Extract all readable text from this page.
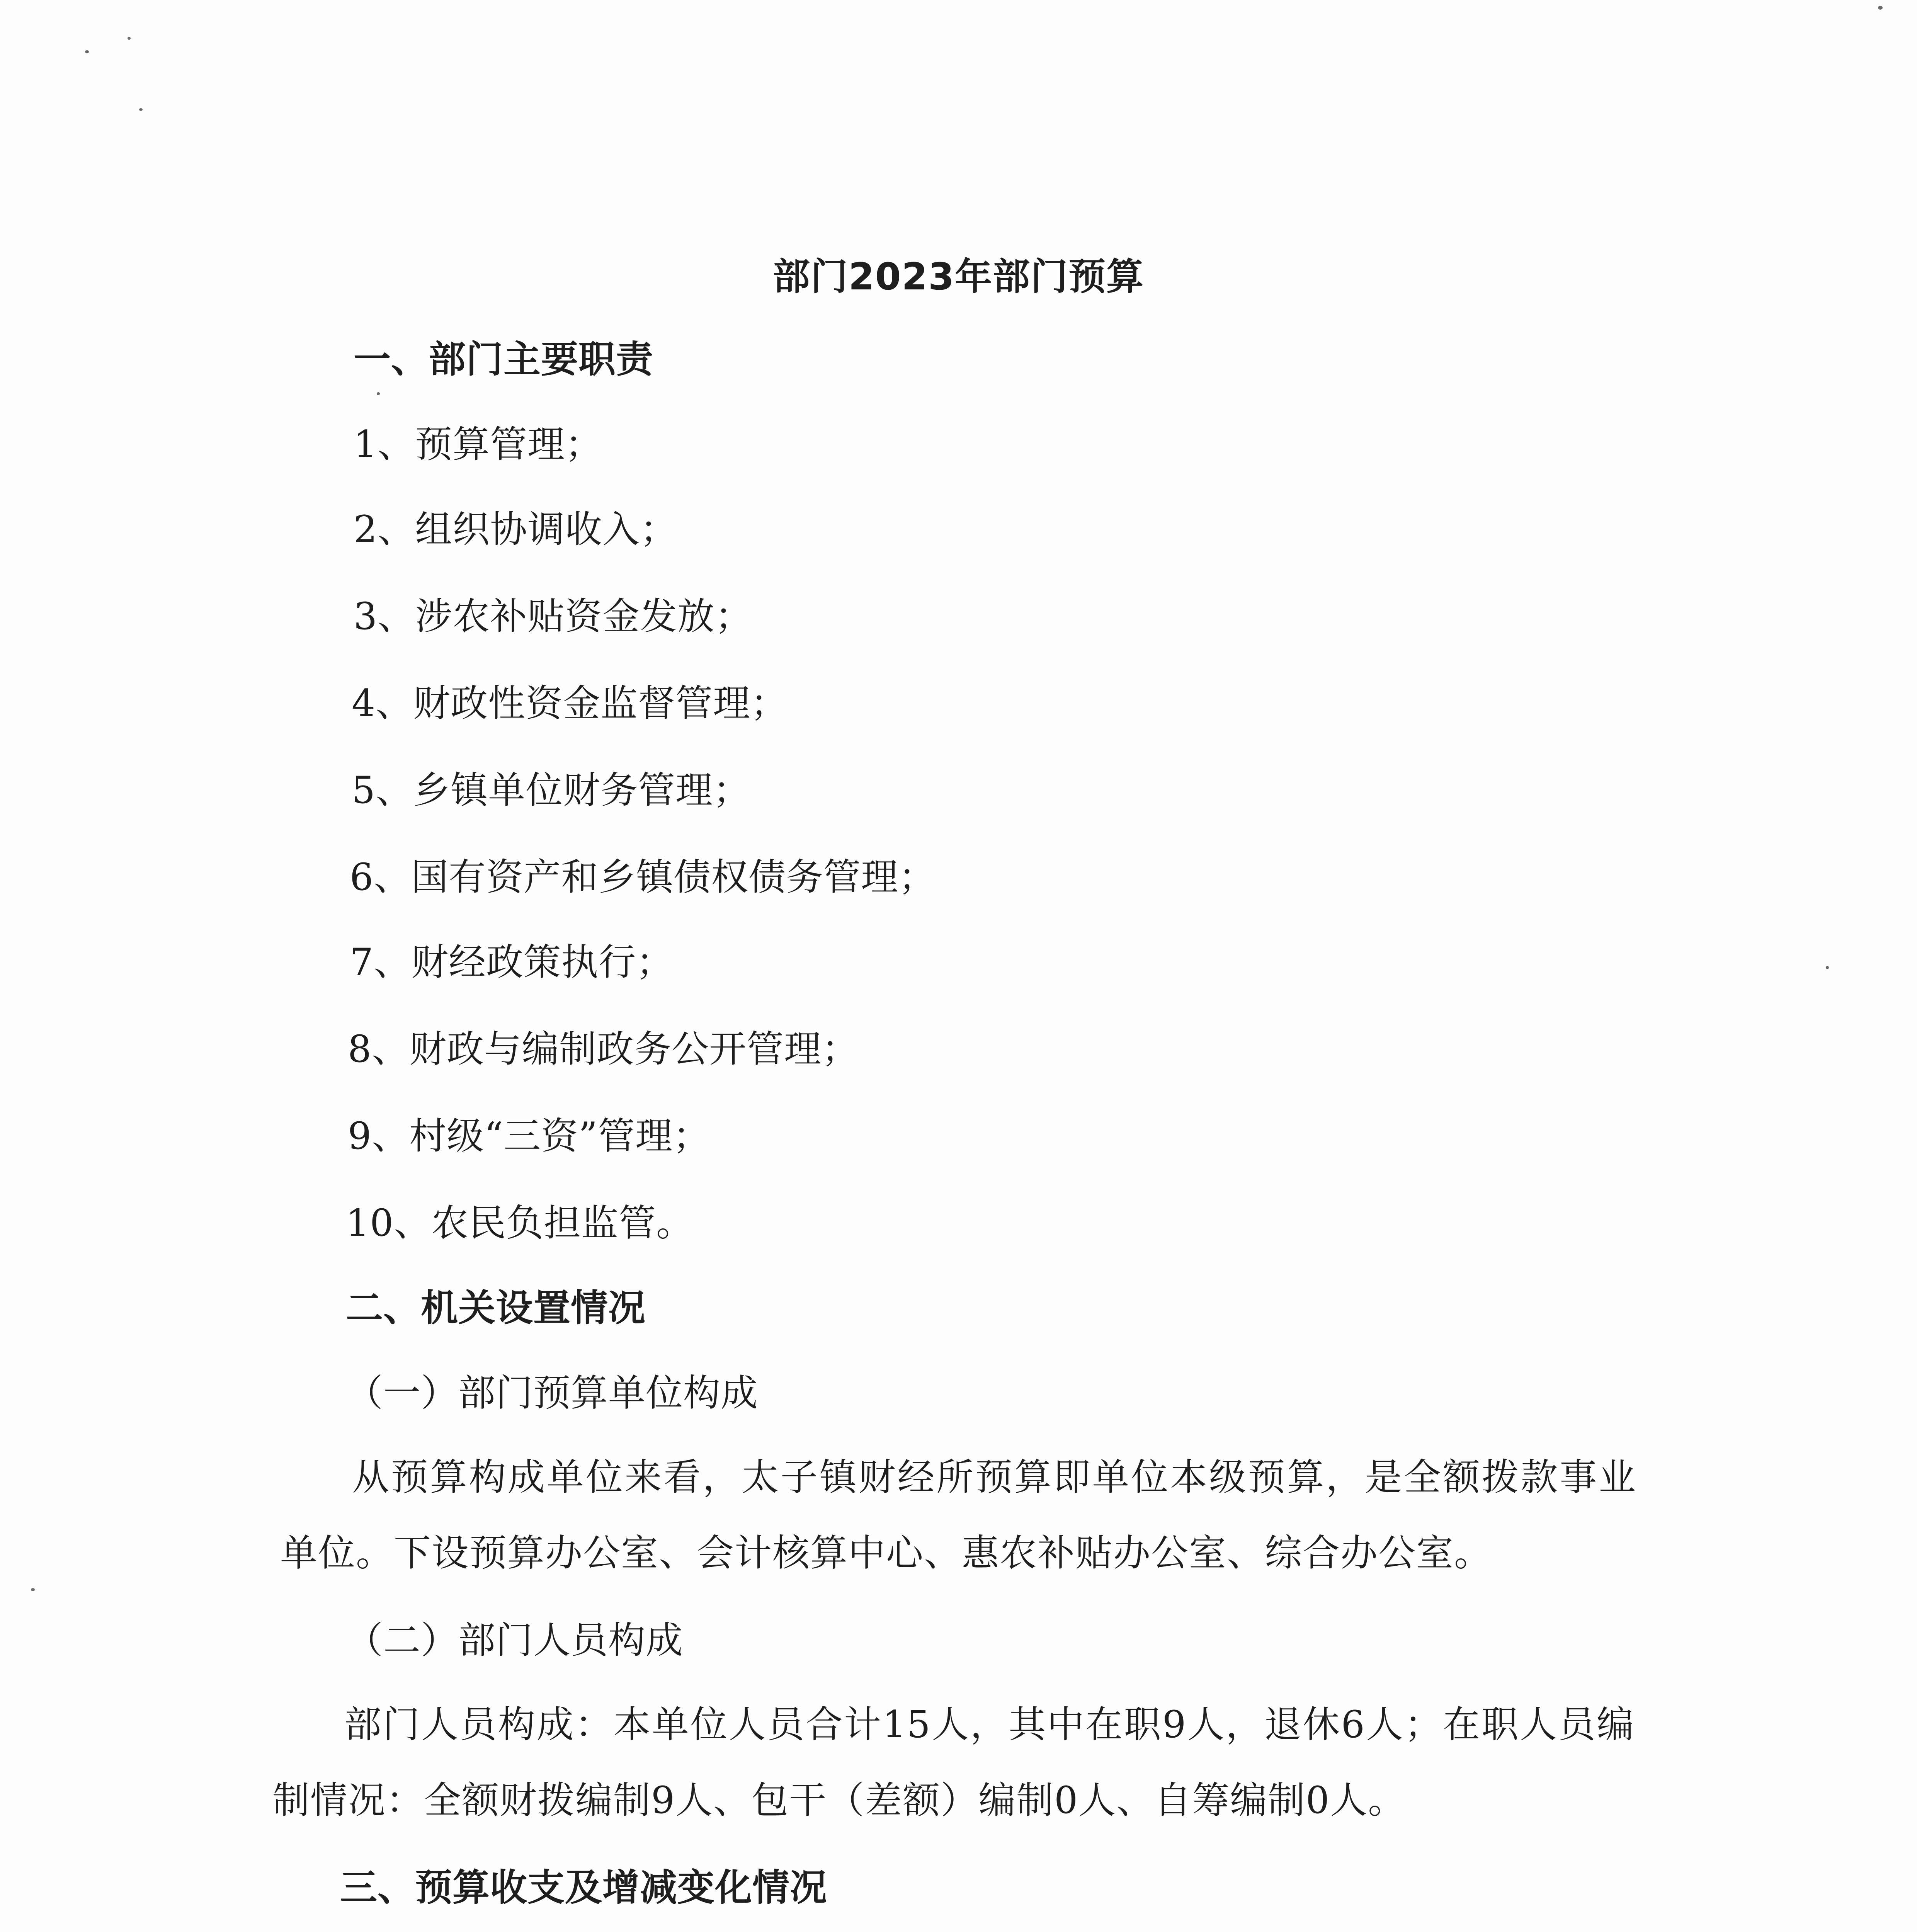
部门2023年部门预算
一、部门主要职责
1、预算管理；
2、组织协调收入；
3、涉农补贴资金发放；
4、财政性资金监督管理；
5、乡镇单位财务管理；
6、国有资产和乡镇债权债务管理；
7、财经政策执行；
8、财政与编制政务公开管理；
9、村级“三资”管理；
10、农民负担监管。
二、机关设置情况
（一）部门预算单位构成
从预算构成单位来看，太子镇财经所预算即单位本级预算，是全额拨款事业单位。下设预算办公室、会计核算中心、惠农补贴办公室、综合办公室。
（二）部门人员构成
部门人员构成：本单位人员合计15人，其中在职9人，退休6人；在职人员编制情况：全额财拨编制9人、包干（差额）编制0人、自筹编制0人。
三、预算收支及增减变化情况
